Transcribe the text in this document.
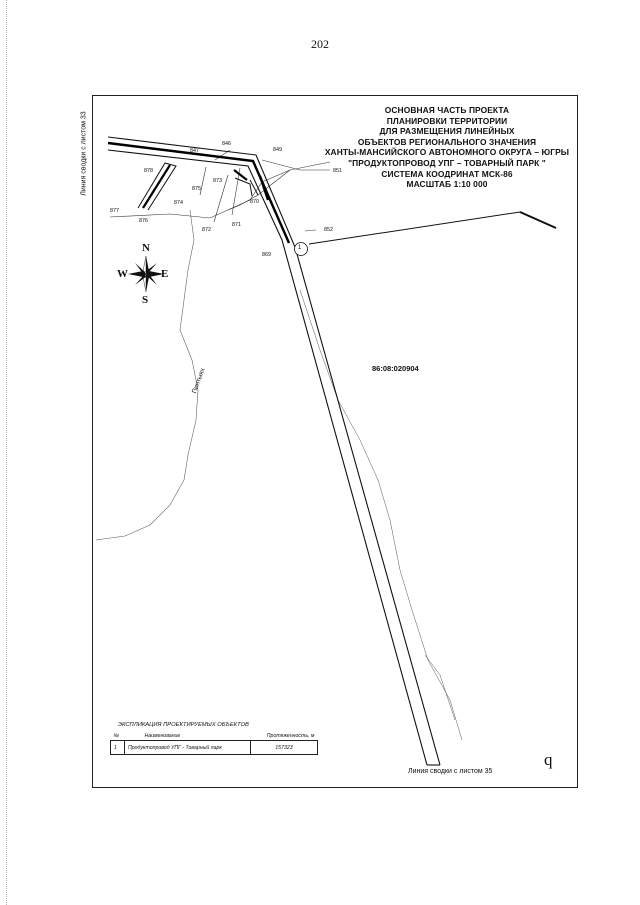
202
ОСНОВНАЯ ЧАСТЬ ПРОЕКТА
ПЛАНИРОВКИ ТЕРРИТОРИИ
ДЛЯ РАЗМЕЩЕНИЯ ЛИНЕЙНЫХ
ОБЪЕКТОВ РЕГИОНАЛЬНОГО ЗНАЧЕНИЯ
ХАНТЫ-МАНСИЙСКОГО АВТОНОМНОГО ОКРУГА – ЮГРЫ
"ПРОДУКТОПРОВОД УПГ – ТОВАРНЫЙ ПАРК "
СИСТЕМА КООДРИНАТ МСК-86
МАСШТАБ 1:10 000
Линия сводки с листом 33
Линия сводки с листом 35
86:08:020904
Пинтыях
N
S
E
W
1
846
847	849
851
852
869
870
871
872
873
874
875
876
877
878
ЭКСПЛИКАЦИЯ ПРОЕКТИРУЕМЫХ ОБЪЕКТОВ
№	Наименование	Протяженность, м
1	Продуктопровод УПГ - Товарный парк	157323
q
